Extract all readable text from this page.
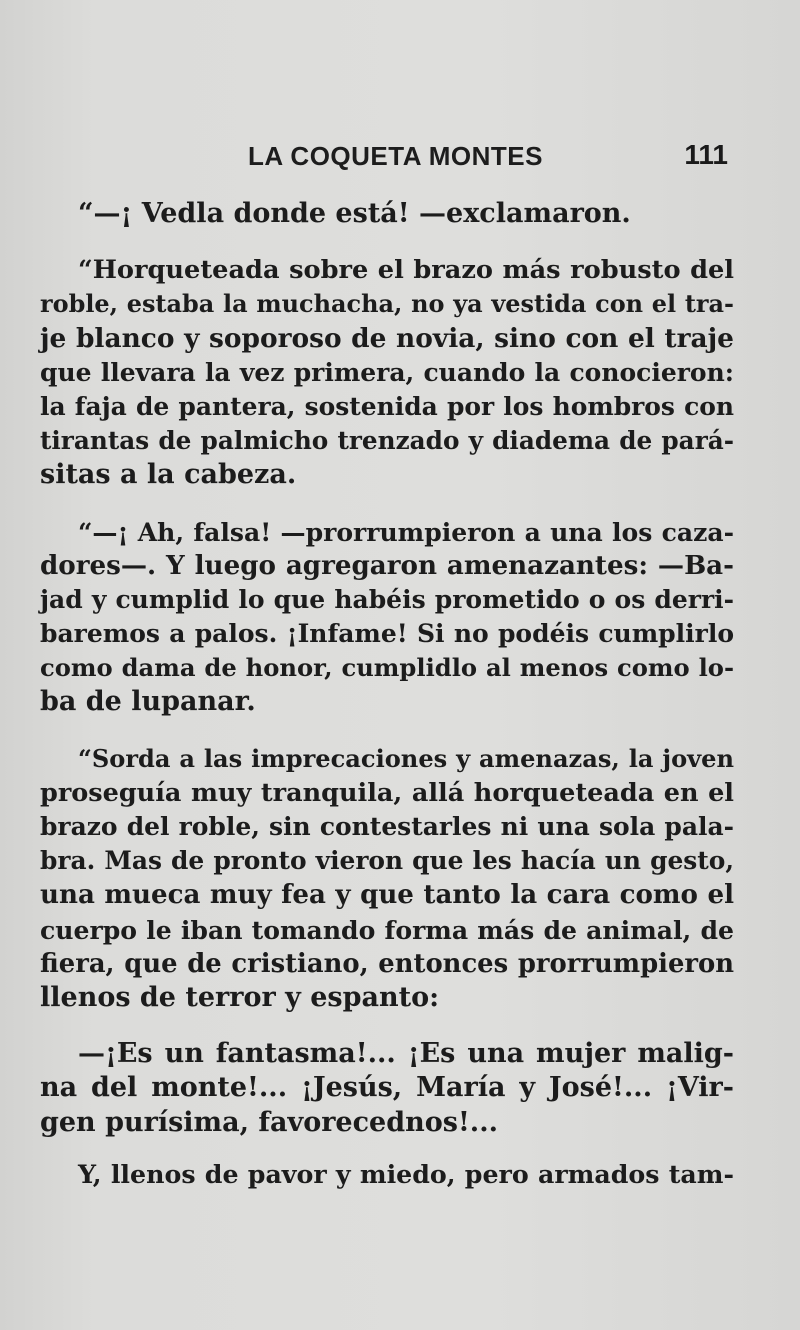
LA COQUETA MONTES	111
“—¡ Vedla donde está! —exclamaron.
“Horqueteada sobre el brazo más robusto del
roble, estaba la muchacha, no ya vestida con el tra-
je blanco y soporoso de novia, sino con el traje
que llevara la vez primera, cuando la conocieron:
la faja de pantera, sostenida por los hombros con
tirantas de palmicho trenzado y diadema de pará-
sitas a la cabeza.
“—¡ Ah, falsa! —prorrumpieron a una los caza-
dores—. Y luego agregaron amenazantes: —Ba-
jad y cumplid lo que habéis prometido o os derri-
baremos a palos. ¡Infame! Si no podéis cumplirlo
como dama de honor, cumplidlo al menos como lo-
ba de lupanar.
“Sorda a las imprecaciones y amenazas, la joven
proseguía muy tranquila, allá horqueteada en el
brazo del roble, sin contestarles ni una sola pala-
bra. Mas de pronto vieron que les hacía un gesto,
una mueca muy fea y que tanto la cara como el
cuerpo le iban tomando forma más de animal, de
fiera, que de cristiano, entonces prorrumpieron
llenos de terror y espanto:
—¡Es un fantasma!... ¡Es una mujer malig-
na del monte!... ¡Jesús, María y José!... ¡Vir-
gen purísima, favorecednos!...
Y, llenos de pavor y miedo, pero armados tam-
